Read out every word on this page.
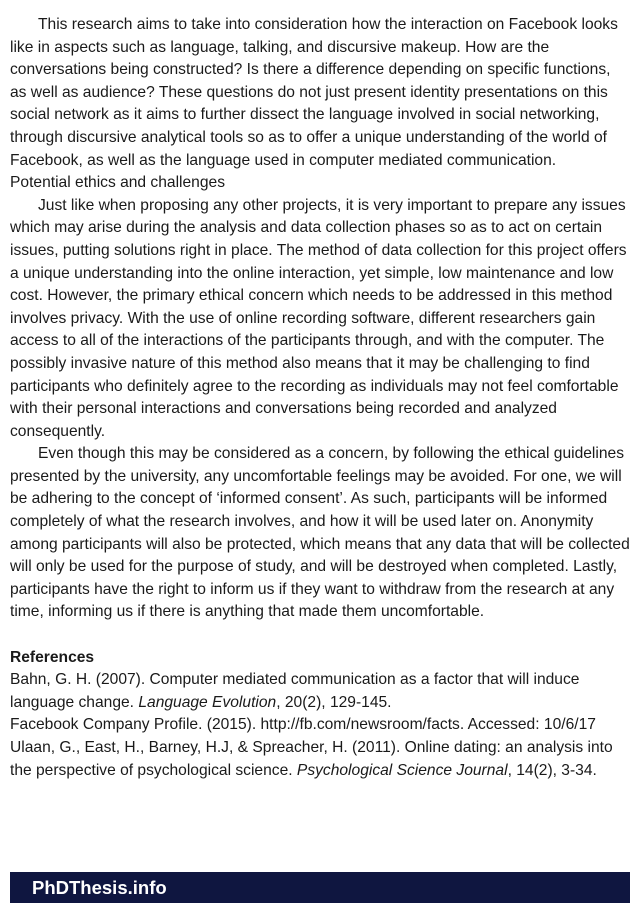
This research aims to take into consideration how the interaction on Facebook looks like in aspects such as language, talking, and discursive makeup. How are the conversations being constructed? Is there a difference depending on specific functions, as well as audience? These questions do not just present identity presentations on this social network as it aims to further dissect the language involved in social networking, through discursive analytical tools so as to offer a unique understanding of the world of Facebook, as well as the language used in computer mediated communication.

Potential ethics and challenges

Just like when proposing any other projects, it is very important to prepare any issues which may arise during the analysis and data collection phases so as to act on certain issues, putting solutions right in place. The method of data collection for this project offers a unique understanding into the online interaction, yet simple, low maintenance and low cost. However, the primary ethical concern which needs to be addressed in this method involves privacy. With the use of online recording software, different researchers gain access to all of the interactions of the participants through, and with the computer. The possibly invasive nature of this method also means that it may be challenging to find participants who definitely agree to the recording as individuals may not feel comfortable with their personal interactions and conversations being recorded and analyzed consequently.

Even though this may be considered as a concern, by following the ethical guidelines presented by the university, any uncomfortable feelings may be avoided. For one, we will be adhering to the concept of ‘informed consent’. As such, participants will be informed completely of what the research involves, and how it will be used later on. Anonymity among participants will also be protected, which means that any data that will be collected will only be used for the purpose of study, and will be destroyed when completed. Lastly, participants have the right to inform us if they want to withdraw from the research at any time, informing us if there is anything that made them uncomfortable.

References

Bahn, G. H. (2007). Computer mediated communication as a factor that will induce language change. Language Evolution, 20(2), 129-145.

Facebook Company Profile. (2015). http://fb.com/newsroom/facts. Accessed: 10/6/17

Ulaan, G., East, H., Barney, H.J, & Spreacher, H. (2011). Online dating: an analysis into the perspective of psychological science. Psychological Science Journal, 14(2), 3-34.

PhDThesis.info
